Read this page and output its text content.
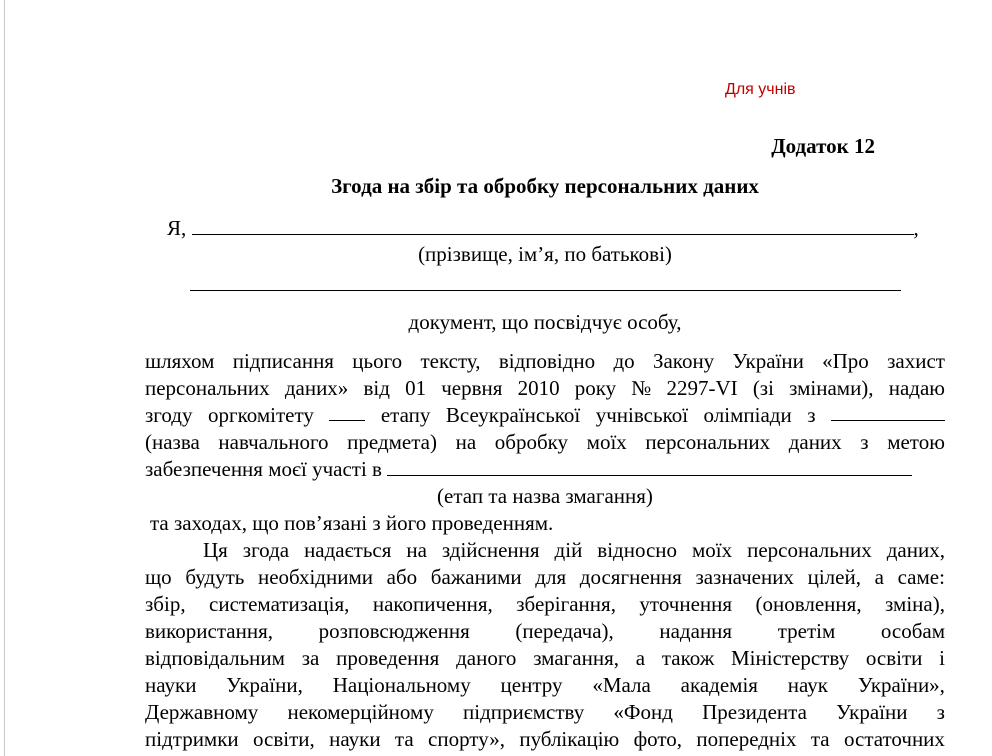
Для учнів
Додаток 12
Згода на збір та обробку персональних даних
Я,	,
(прізвище, ім’я, по батькові)
документ, що посвідчує особу,
шляхом підписання цього тексту, відповідно до Закону України «Про захист
персональних даних» від 01 червня 2010 року № 2297-VI (зі змінами), надаю
згоду оргкомітету	етапу Всеукраїнської учнівської олімпіади з
(назва навчального предмета) на обробку моїх персональних даних з метою
забезпечення моєї участі в
(етап та назва змагання)
та заходах, що пов’язані з його проведенням.
Ця згода надається на здійснення дій відносно моїх персональних даних,
що будуть необхідними або бажаними для досягнення зазначених цілей, а саме:
збір, систематизація, накопичення, зберігання, уточнення (оновлення, зміна),
використання, розповсюдження (передача), надання третім особам
відповідальним за проведення даного змагання, а також Міністерству освіти і
науки України, Національному центру «Мала академія наук України»,
Державному некомерційному підприємству «Фонд Президента України з
підтримки освіти, науки та спорту», публікацію фото, попередніх та остаточних
